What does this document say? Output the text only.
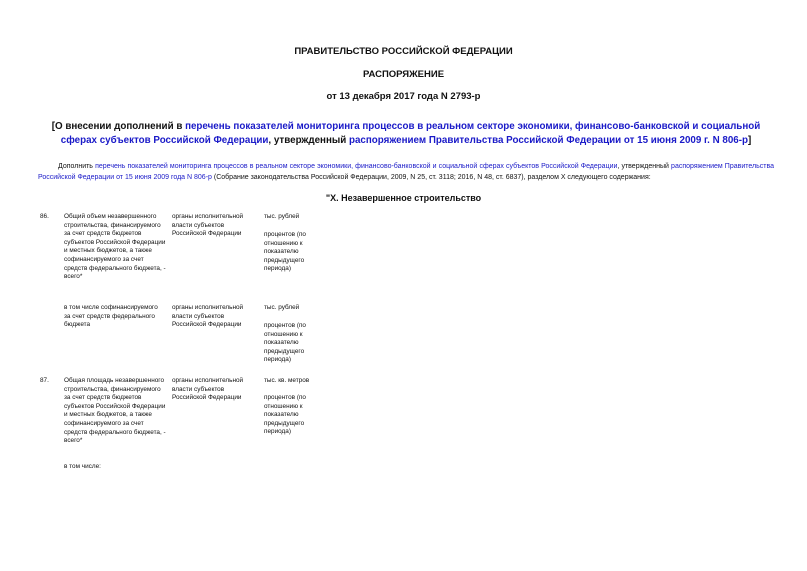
ПРАВИТЕЛЬСТВО РОССИЙСКОЙ ФЕДЕРАЦИИ
РАСПОРЯЖЕНИЕ
от 13 декабря 2017 года N 2793-р
[О внесении дополнений в перечень показателей мониторинга процессов в реальном секторе экономики, финансово-банковской и социальной сферах субъектов Российской Федерации, утвержденный распоряжением Правительства Российской Федерации от 15 июня 2009 г. N 806-р]
Дополнить перечень показателей мониторинга процессов в реальном секторе экономики, финансово-банковской и социальной сферах субъектов Российской Федерации, утвержденный распоряжением Правительства Российской Федерации от 15 июня 2009 года N 806-р (Собрание законодательства Российской Федерации, 2009, N 25, ст. 3118; 2016, N 48, ст. 6837), разделом X следующего содержания:
"X. Незавершенное строительство
86.	Общий объем незавершенного строительства, финансируемого за счет средств бюджетов субъектов Российской Федерации и местных бюджетов, а также софинансируемого за счет средств федерального бюджета, - всего*
органы исполнительной власти субъектов Российской Федерации
тыс. рублей
процентов (по отношению к показателю предыдущего периода)
в том числе софинансируемого за счет средств федерального бюджета
органы исполнительной власти субъектов Российской Федерации
тыс. рублей
процентов (по отношению к показателю предыдущего периода)
87.	Общая площадь незавершенного строительства, финансируемого за счет средств бюджетов субъектов Российской Федерации и местных бюджетов, а также софинансируемого за счет средств федерального бюджета, - всего*
органы исполнительной власти субъектов Российской Федерации
тыс. кв. метров
процентов (по отношению к показателю предыдущего периода)
в том числе:
